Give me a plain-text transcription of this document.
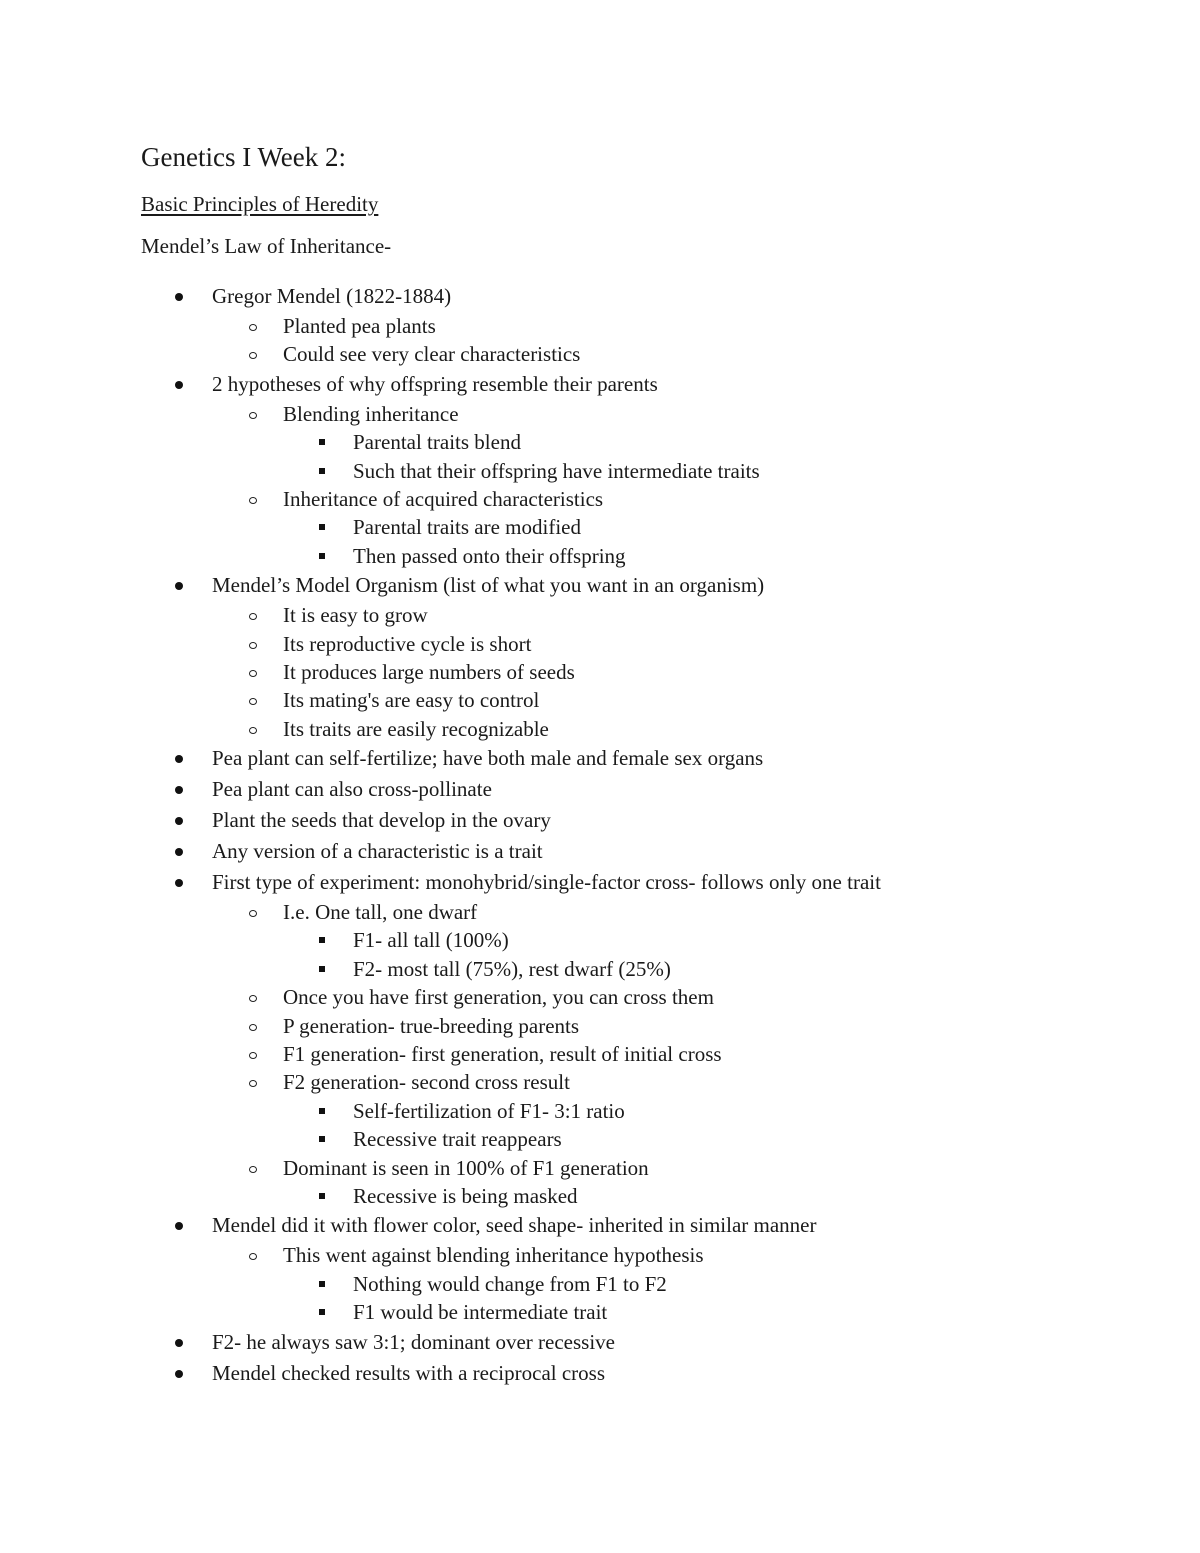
Genetics I Week 2:
Basic Principles of Heredity
Mendel’s Law of Inheritance-
Gregor Mendel (1822-1884)
Planted pea plants
Could see very clear characteristics
2 hypotheses of why offspring resemble their parents
Blending inheritance
Parental traits blend
Such that their offspring have intermediate traits
Inheritance of acquired characteristics
Parental traits are modified
Then passed onto their offspring
Mendel’s Model Organism (list of what you want in an organism)
It is easy to grow
Its reproductive cycle is short
It produces large numbers of seeds
Its mating's are easy to control
Its traits are easily recognizable
Pea plant can self-fertilize; have both male and female sex organs
Pea plant can also cross-pollinate
Plant the seeds that develop in the ovary
Any version of a characteristic is a trait
First type of experiment: monohybrid/single-factor cross- follows only one trait
I.e. One tall, one dwarf
F1- all tall (100%)
F2- most tall (75%), rest dwarf (25%)
Once you have first generation, you can cross them
P generation- true-breeding parents
F1 generation- first generation, result of initial cross
F2 generation- second cross result
Self-fertilization of F1- 3:1 ratio
Recessive trait reappears
Dominant is seen in 100% of F1 generation
Recessive is being masked
Mendel did it with flower color, seed shape- inherited in similar manner
This went against blending inheritance hypothesis
Nothing would change from F1 to F2
F1 would be intermediate trait
F2- he always saw 3:1; dominant over recessive
Mendel checked results with a reciprocal cross
